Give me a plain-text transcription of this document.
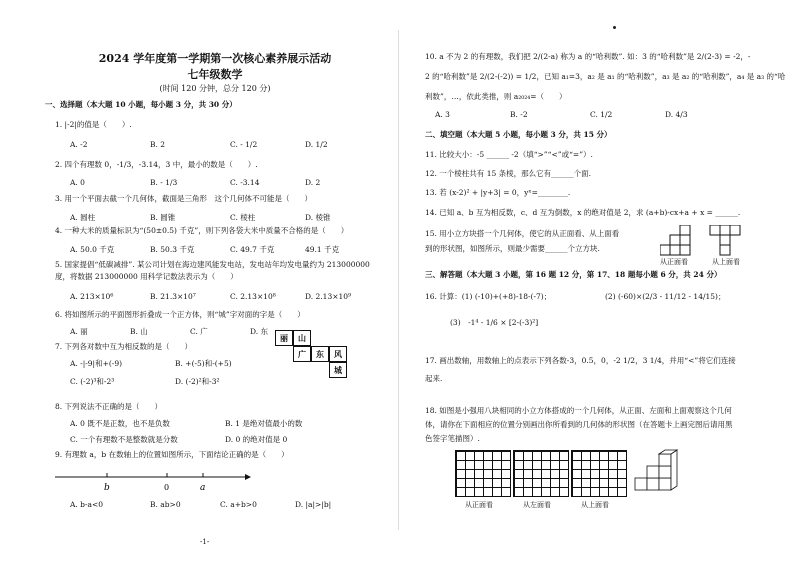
2024 学年度第一学期第一次核心素养展示活动
七年级数学
(时间 120 分钟，总分 120 分)
一、选择题（本大题 10 小题，每小题 3 分，共 30 分）
1. |-2|的值是（　　）.
A. -2	B. 2	C. - 1/2	D. 1/2
2. 四个有理数 0，-1/3，-3.14，3 中，最小的数是（　　）.
A. 0	B. - 1/3	C. -3.14	D. 2
3. 用一个平面去截一个几何体，截面是三角形　这个几何体不可能是（　　）
A. 圆柱	B. 圆锥	C. 棱柱	D. 棱锥
4. 一种大米的质量标识为“(50±0.5) 千克”，则下列各袋大米中质量不合格的是（　　）
A. 50.0 千克	B. 50.3 千克	C. 49.7 千克	49.1 千克
5. 国家提倡“低碳减排”. 某公司计划在海边建风能发电站，发电站年均发电量约为 213000000
度，将数据 213000000 用科学记数法表示为（　　）
A. 213×10⁶	B. 21.3×10⁷	C. 2.13×10⁸	D. 2.13×10⁹
6. 将如图所示的平面图形折叠成一个正方体，则“城”字对面的字是（　　）
A. 丽	B. 山	C. 广	D. 东
7. 下列各对数中互为相反数的是（　　）
A. -|-9|和+(-9)	B. +(-5)和-(+5)
C. (-2)³和-2³	D. (-2)²和-3²
8. 下列说法不正确的是（　　）
A. 0 既不是正数，也不是负数	B. 1 是绝对值最小的数
C. 一个有理数不是整数就是分数	D. 0 的绝对值是 0
9. 有理数 a，b 在数轴上的位置如图所示，下面结论正确的是（　　）
A. b-a<0	B. ab>0	C. a+b>0	D. |a|>|b|
丽	山
广	东	风
城
b	0	a
-1-
10. a 不为 2 的有理数，我们把 2/(2-a) 称为 a 的“哈利数”. 如：3 的“哈利数”是 2/(2-3) = -2，-
2 的“哈利数”是 2/(2-(-2)) = 1/2，已知 a₁=3，a₂ 是 a₁ 的“哈利数”，a₃ 是 a₂ 的“哈利数”，a₄ 是 a₃ 的“哈
利数”，…，依此类推，则 a₂₀₂₄=（　　）
A. 3	B. -2	C. 1/2	D. 4/3
二、填空题（本大题 5 小题，每小题 3 分，共 15 分）
11. 比较大小：-5 ______ -2（填“>”“<”或“=”）.
12. 一个棱柱共有 15 条棱，那么它有______个面.
13. 若 (x-2)² + |y+3| = 0，yˣ=________.
14. 已知 a、b 互为相反数，c、d 互为倒数，x 的绝对值是 2，求 (a+b)-cx+a + x = ______.
15. 用小立方块搭一个几何体，使它的从正面看、从上面看
到的形状图，如图所示，则最少需要______个立方块.
三、解答题（本大题 3 小题，第 16 题 12 分，第 17、18 题每小题 6 分，共 24 分）
16. 计算：(1) (-10)+(+8)-18-(-7)；	(2) (-60)×(2/3 - 11/12 - 14/15)；
(3)　-1⁴ - 1/6 × [2-(-3)²]
17. 画出数轴，用数轴上的点表示下列各数-3，0.5，0，-2 1/2，3 1/4，并用“<”将它们连接
起来.
18. 如图是小强用八块相同的小立方体搭成的一个几何体，从正面、左面和上面观察这个几何
体，请你在下面相应的位置分别画出你所看到的几何体的形状图（在答题卡上画完图后请用黑
色签字笔描图）.
从正面看	从上面看
从正面看	从左面看	从上面看
